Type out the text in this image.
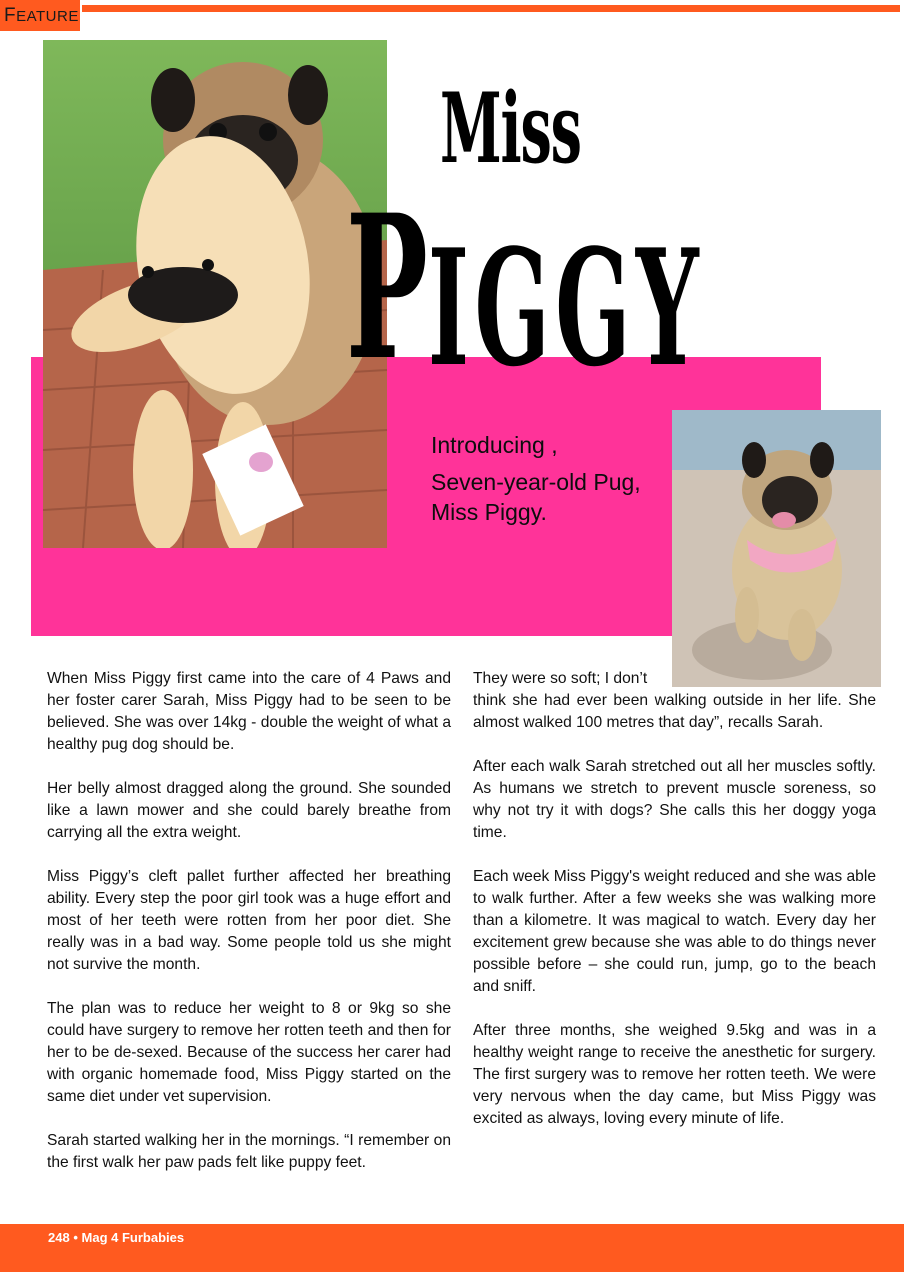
FEATURE
Miss
PIGGY

Introducing ,

Seven-year-old Pug, Miss Piggy.

When Miss Piggy first came into the care of 4 Paws and her foster carer Sarah, Miss Piggy had to be seen to be believed. She was over 14kg - double the weight of what a healthy pug dog should be.

Her belly almost dragged along the ground. She sounded like a lawn mower and she could barely breathe from carrying all the extra weight.

Miss Piggy’s cleft pallet further affected her breathing ability. Every step the poor girl took was a huge effort and most of her teeth were rotten from her poor diet. She really was in a bad way. Some people told us she might not survive the month.

The plan was to reduce her weight to 8 or 9kg so she could have surgery to remove her rotten teeth and then for her to be de-sexed. Because of the success her carer had with organic homemade food, Miss Piggy started on the same diet under vet supervision.

Sarah started walking her in the mornings. “I remember on the first walk her paw pads felt like puppy feet.

They were so soft; I don’t

think she had ever been walking outside in her life. She almost walked 100 metres that day”, recalls Sarah.

After each walk Sarah stretched out all her muscles softly. As humans we stretch to prevent muscle soreness, so why not try it with dogs? She calls this her doggy yoga time.

Each week Miss Piggy's weight reduced and she was able to walk further. After a few weeks she was walking more than a kilometre. It was magical to watch. Every day her excitement grew because she was able to do things never possible before – she could run, jump, go to the beach and sniff.

After three months, she weighed 9.5kg and was in a healthy weight range to receive the anesthetic for surgery. The first surgery was to remove her rotten teeth. We were very nervous when the day came, but Miss Piggy was excited as always, loving every minute of life.

248 • Mag 4 Furbabies
